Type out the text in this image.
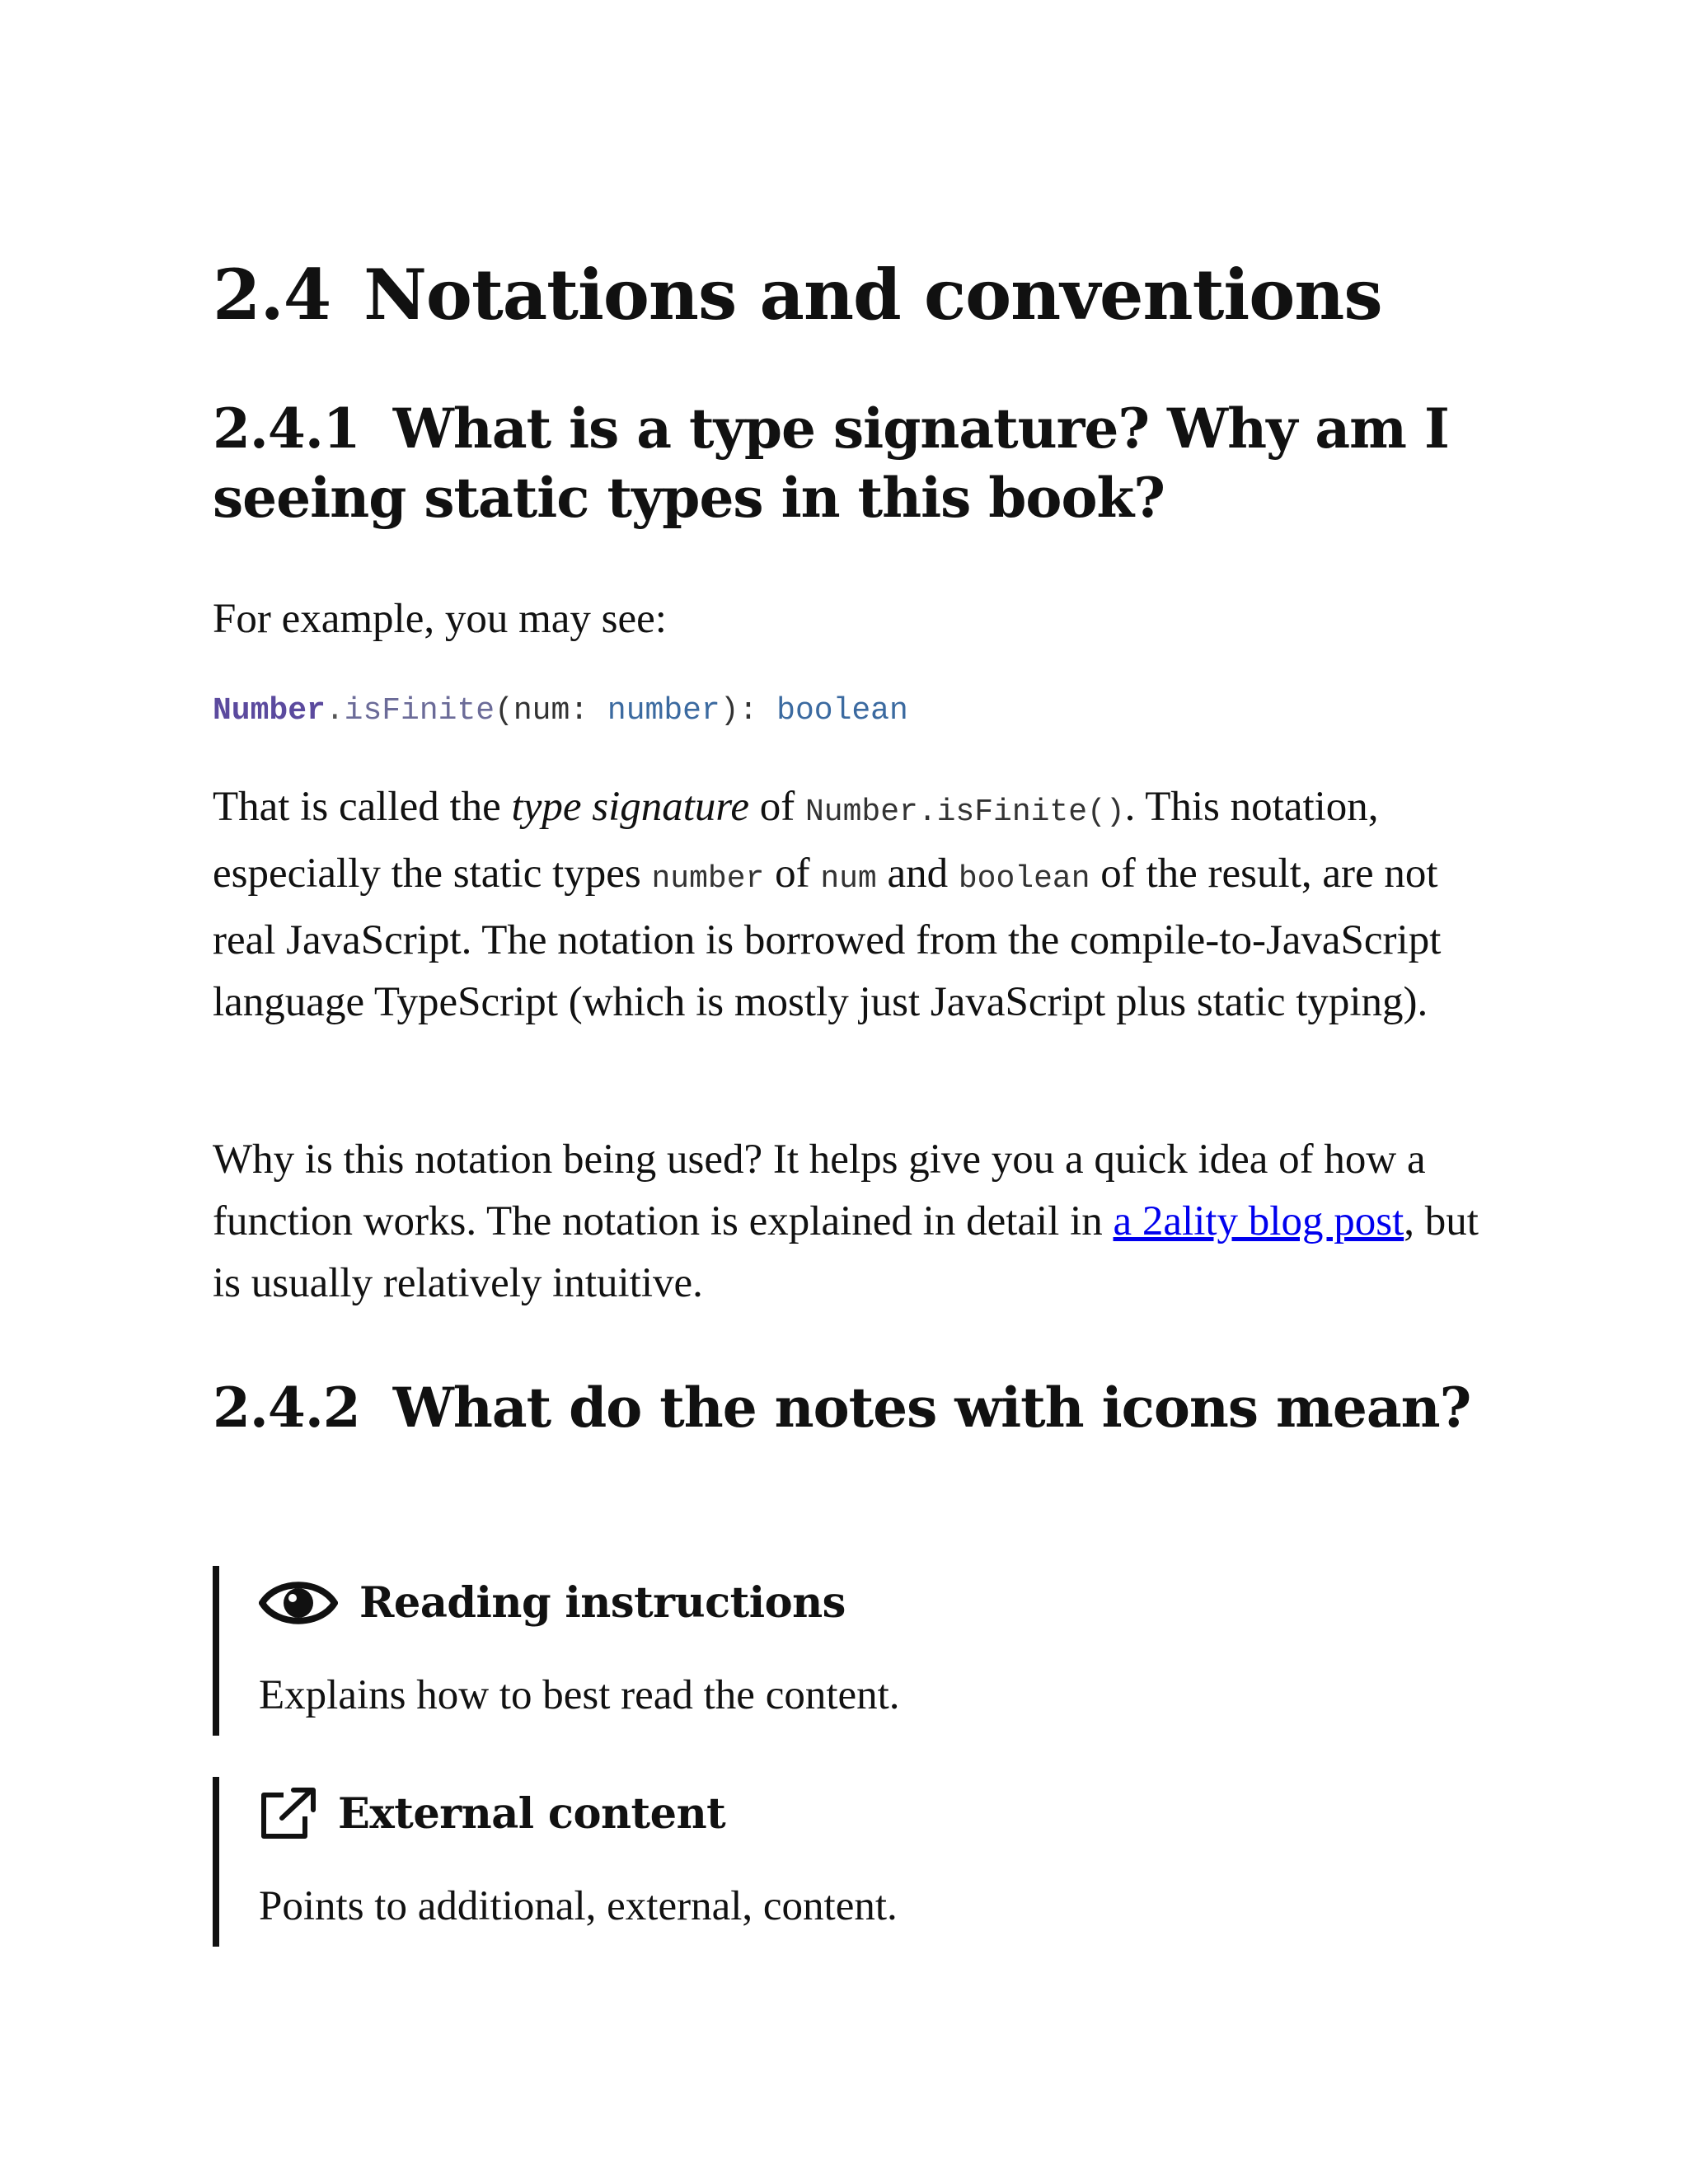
2.4 Notations and conventions
2.4.1 What is a type signature? Why am I seeing static types in this book?

For example, you may see:

Number.isFinite(num: number): boolean

That is called the type signature of Number.isFinite(). This notation, especially the static types number of num and boolean of the result, are not real JavaScript. The notation is borrowed from the compile-to-JavaScript language TypeScript (which is mostly just JavaScript plus static typing).

Why is this notation being used? It helps give you a quick idea of how a function works. The notation is explained in detail in a 2ality blog post, but is usually relatively intuitive.

2.4.2 What do the notes with icons mean?
Reading instructions
Explains how to best read the content.
External content
Points to additional, external, content.
